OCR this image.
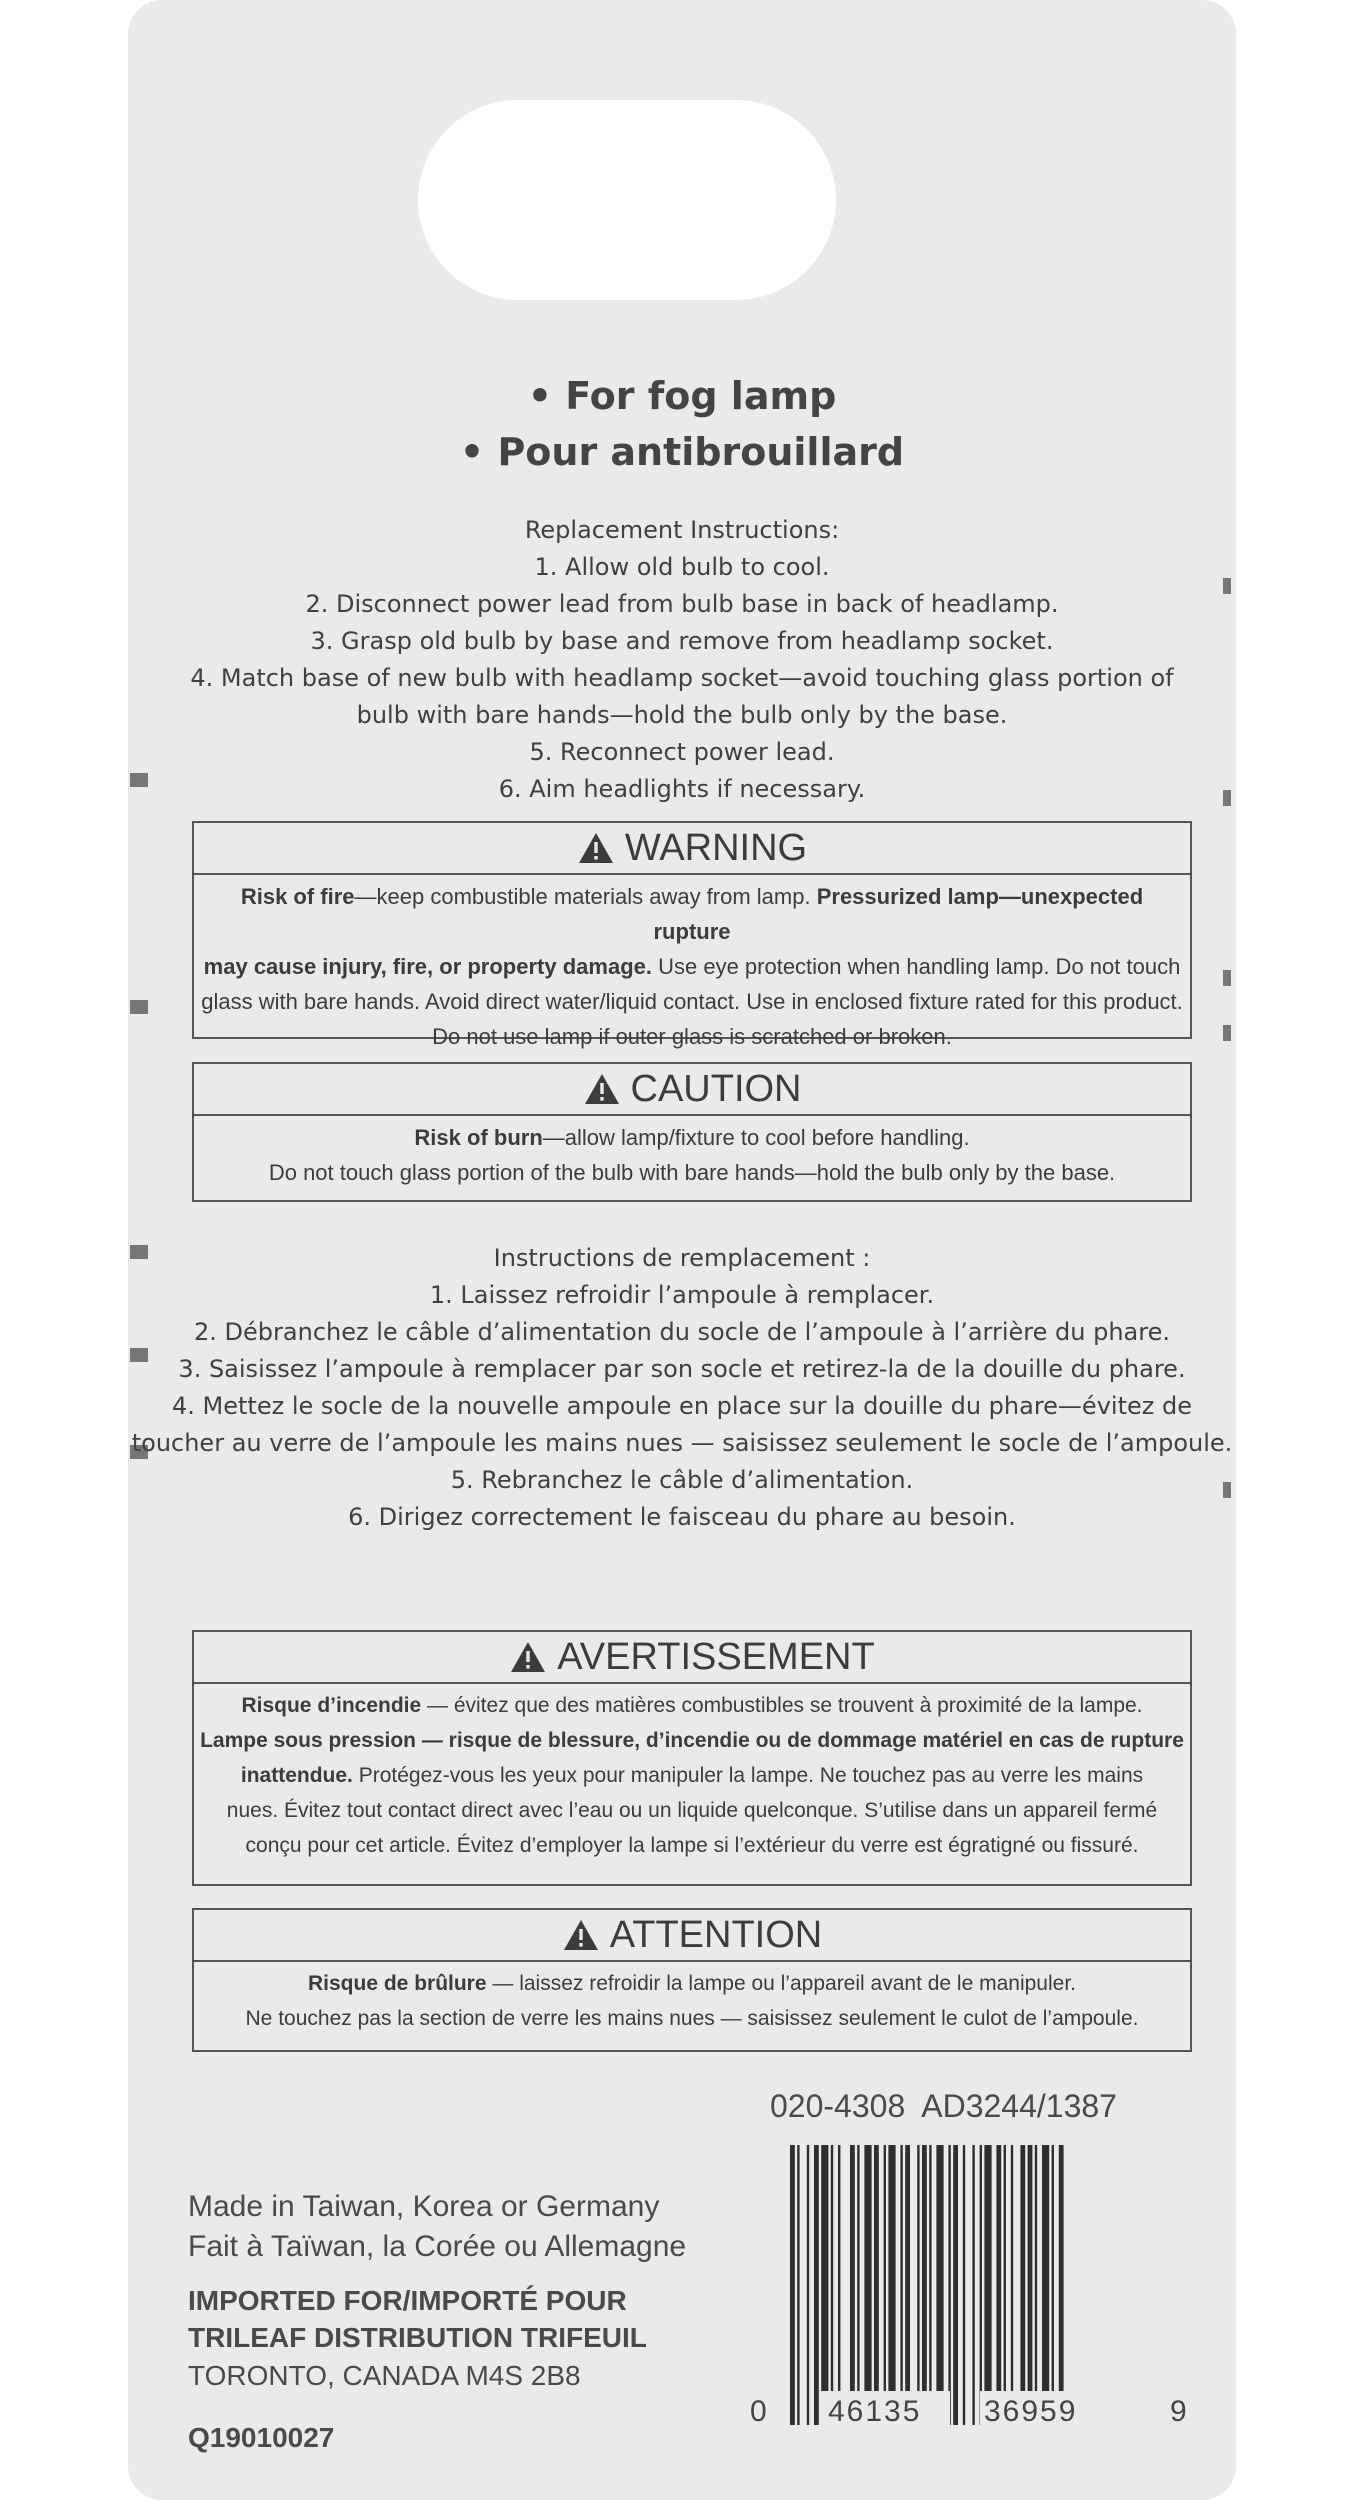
• For fog lamp
• Pour antibrouillard
Replacement Instructions:
1. Allow old bulb to cool.
2. Disconnect power lead from bulb base in back of headlamp.
3. Grasp old bulb by base and remove from headlamp socket.
4. Match base of new bulb with headlamp socket—avoid touching glass portion of
bulb with bare hands—hold the bulb only by the base.
5. Reconnect power lead.
6. Aim headlights if necessary.
WARNING
Risk of fire—keep combustible materials away from lamp. Pressurized lamp—unexpected rupture
may cause injury, fire, or property damage. Use eye protection when handling lamp. Do not touch
glass with bare hands. Avoid direct water/liquid contact. Use in enclosed fixture rated for this product.
Do not use lamp if outer glass is scratched or broken.
CAUTION
Risk of burn—allow lamp/fixture to cool before handling.
Do not touch glass portion of the bulb with bare hands—hold the bulb only by the base.
Instructions de remplacement :
1. Laissez refroidir l’ampoule à remplacer.
2. Débranchez le câble d’alimentation du socle de l’ampoule à l’arrière du phare.
3. Saisissez l’ampoule à remplacer par son socle et retirez-la de la douille du phare.
4. Mettez le socle de la nouvelle ampoule en place sur la douille du phare—évitez de
toucher au verre de l’ampoule les mains nues — saisissez seulement le socle de l’ampoule.
5. Rebranchez le câble d’alimentation.
6. Dirigez correctement le faisceau du phare au besoin.
AVERTISSEMENT
Risque d’incendie — évitez que des matières combustibles se trouvent à proximité de la lampe.
Lampe sous pression — risque de blessure, d’incendie ou de dommage matériel en cas de rupture
inattendue. Protégez-vous les yeux pour manipuler la lampe. Ne touchez pas au verre les mains
nues. Évitez tout contact direct avec l’eau ou un liquide quelconque. S’utilise dans un appareil fermé
conçu pour cet article. Évitez d’employer la lampe si l’extérieur du verre est égratigné ou fissuré.
ATTENTION
Risque de brûlure — laissez refroidir la lampe ou l’appareil avant de le manipuler.
Ne touchez pas la section de verre les mains nues — saisissez seulement le culot de l’ampoule.
020-4308  AD3244/1387
Made in Taiwan, Korea or Germany
Fait à Taïwan, la Corée ou Allemagne
IMPORTED FOR/IMPORTÉ POUR
TRILEAF DISTRIBUTION TRIFEUIL
TORONTO, CANADA M4S 2B8
Q19010027
0 46135 36959	9
